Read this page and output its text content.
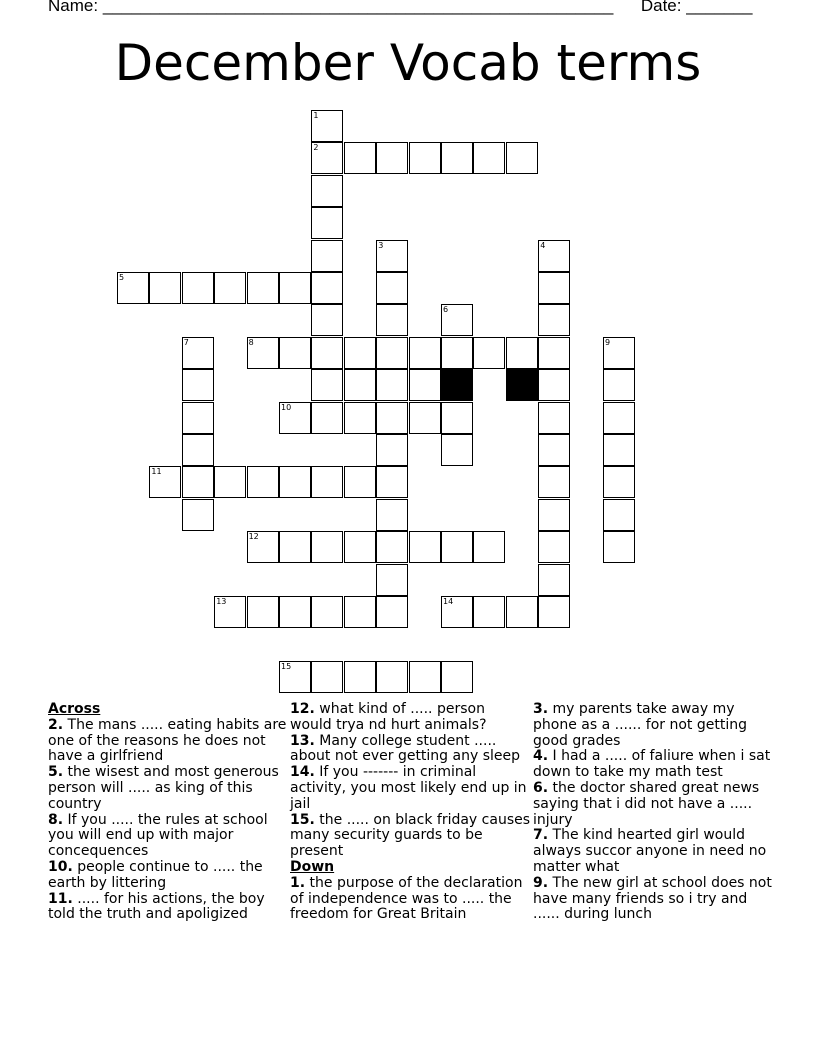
Name: ______________________________________________________ Date: _______
December Vocab terms
1
2
3	4
6
7	9
5
8
10
11
12
13	14
15
Across
2. The mans ..... eating habits are one of the reasons he does not have a girlfriend
5. the wisest and most generous person will ..... as king of this country
8. If you ..... the rules at school you will end up with major concequences
10. people continue to ..... the earth by littering
11. ..... for his actions, the boy told the truth and apoligized
12. what kind of ..... person would trya nd hurt animals?
13. Many college student ..... about not ever getting any sleep
14. If you ------- in criminal activity, you most likely end up in jail
15. the ..... on black friday causes many security guards to be present
Down
1. the purpose of the declaration of independence was to ..... the freedom for Great Britain
3. my parents take away my phone as a ...... for not getting good grades
4. I had a ..... of faliure when i sat down to take my math test
6. the doctor shared great news saying that i did not have a ..... injury
7. The kind hearted girl would always succor anyone in need no matter what
9. The new girl at school does not have many friends so i try and ...... during lunch
